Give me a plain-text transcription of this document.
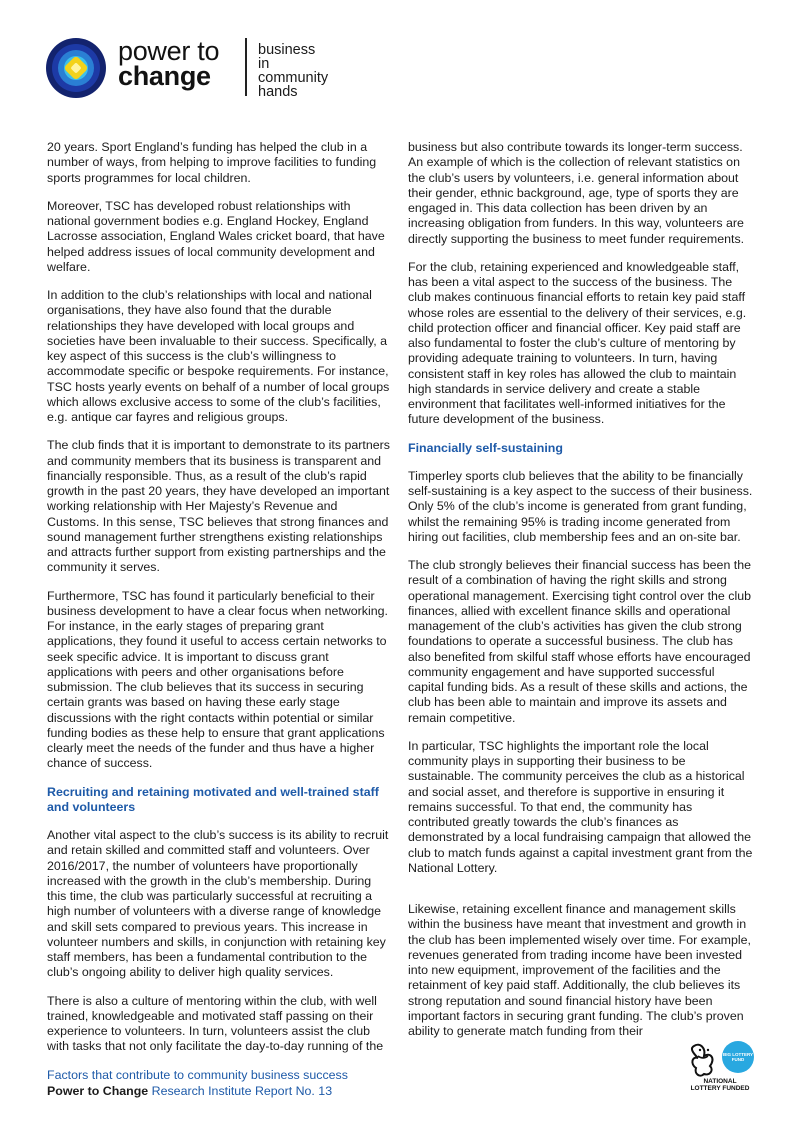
power to
change
business in
community
hands

20 years. Sport England’s funding has helped the club in a number of ways, from helping to improve facilities to funding sports programmes for local children.

Moreover, TSC has developed robust relationships with national government bodies e.g. England Hockey, England Lacrosse association, England Wales cricket board, that have helped address issues of local community development and welfare.

In addition to the club’s relationships with local and national organisations, they have also found that the durable relationships they have developed with local groups and societies have been invaluable to their success. Specifically, a key aspect of this success is the club’s willingness to accommodate specific or bespoke requirements. For instance, TSC hosts yearly events on behalf of a number of local groups which allows exclusive access to some of the club’s facilities, e.g. antique car fayres and religious groups.

The club finds that it is important to demonstrate to its partners and community members that its business is transparent and financially responsible. Thus, as a result of the club’s rapid growth in the past 20 years, they have developed an important working relationship with Her Majesty’s Revenue and Customs. In this sense, TSC believes that strong finances and sound management further strengthens existing relationships and attracts further support from existing partnerships and the community it serves.

Furthermore, TSC has found it particularly beneficial to their business development to have a clear focus when networking. For instance, in the early stages of preparing grant applications, they found it useful to access certain networks to seek specific advice. It is important to discuss grant applications with peers and other organisations before submission. The club believes that its success in securing certain grants was based on having these early stage discussions with the right contacts within potential or similar funding bodies as these help to ensure that grant applications clearly meet the needs of the funder and thus have a higher chance of success.

Recruiting and retaining motivated and well-trained staff and volunteers

Another vital aspect to the club’s success is its ability to recruit and retain skilled and committed staff and volunteers. Over 2016/2017, the number of volunteers have proportionally increased with the growth in the club’s membership. During this time, the club was particularly successful at recruiting a high number of volunteers with a diverse range of knowledge and skill sets compared to previous years. This increase in volunteer numbers and skills, in conjunction with retaining key staff members, has been a fundamental contribution to the club’s ongoing ability to deliver high quality services.

There is also a culture of mentoring within the club, with well trained, knowledgeable and motivated staff passing on their experience to volunteers. In turn, volunteers assist the club with tasks that not only facilitate the day-to-day running of the

business but also contribute towards its longer-term success. An example of which is the collection of relevant statistics on the club’s users by volunteers, i.e. general information about their gender, ethnic background, age, type of sports they are engaged in. This data collection has been driven by an increasing obligation from funders. In this way, volunteers are directly supporting the business to meet funder requirements.

For the club, retaining experienced and knowledgeable staff, has been a vital aspect to the success of the business. The club makes continuous financial efforts to retain key paid staff whose roles are essential to the delivery of their services, e.g. child protection officer and financial officer. Key paid staff are also fundamental to foster the club’s culture of mentoring by providing adequate training to volunteers. In turn, having consistent staff in key roles has allowed the club to maintain high standards in service delivery and create a stable environment that facilitates well-informed initiatives for the future development of the business.

Financially self-sustaining

Timperley sports club believes that the ability to be financially self-sustaining is a key aspect to the success of their business. Only 5% of the club’s income is generated from grant funding, whilst the remaining 95% is trading income generated from hiring out facilities, club membership fees and an on-site bar.

The club strongly believes their financial success has been the result of a combination of having the right skills and strong operational management. Exercising tight control over the club finances, allied with excellent finance skills and operational management of the club’s activities has given the club strong foundations to operate a successful business. The club has also benefited from skilful staff whose efforts have encouraged community engagement and have supported successful capital funding bids. As a result of these skills and actions, the club has been able to maintain and improve its assets and remain competitive.

In particular, TSC highlights the important role the local community plays in supporting their business to be sustainable. The community perceives the club as a historical and social asset, and therefore is supportive in ensuring it remains successful. To that end, the community has contributed greatly towards the club’s finances as demonstrated by a local fundraising campaign that allowed the club to match funds against a capital investment grant from the National Lottery.

Likewise, retaining excellent finance and management skills within the business have meant that investment and growth in the club has been implemented wisely over time. For example, revenues generated from trading income have been invested into new equipment, improvement of the facilities and the retainment of key paid staff. Additionally, the club believes its strong reputation and sound financial history have been important factors in securing grant funding. The club’s proven ability to generate match funding from their

Factors that contribute to community business success
Power to Change Research Institute Report No. 13
BIG LOTTERY FUND
NATIONAL
LOTTERY FUNDED
